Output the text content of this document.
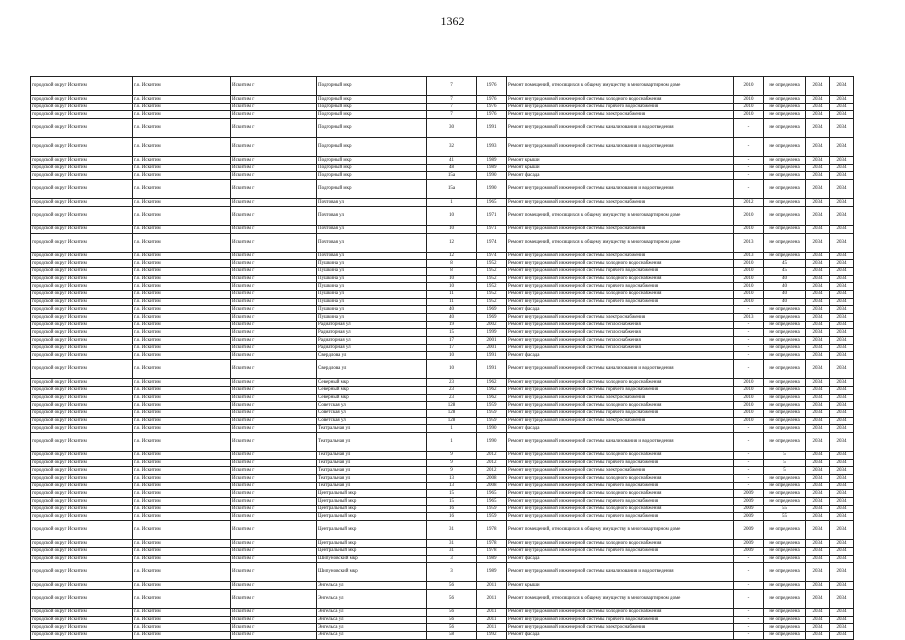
1362
городской округ Искитим	г.о. Искитим	Искитим г	Подгорный мкр	7	1976	Ремонт помещений, относящихся к общему имуществу в многоквартирном доме	2010	не определена	2034	2034
городской округ Искитим	г.о. Искитим	Искитим г	Подгорный мкр	7	1976	Ремонт внутридомовой инженерной системы холодного водоснабжения	2010	не определена	2034	2034
городской округ Искитим	г.о. Искитим	Искитим г	Подгорный мкр	7	1976	Ремонт внутридомовой инженерной системы горячего водоснабжения	2010	не определена	2034	2034
городской округ Искитим	г.о. Искитим	Искитим г	Подгорный мкр	7	1976	Ремонт внутридомовой инженерной системы электроснабжения	2010	не определена	2034	2034
городской округ Искитим	г.о. Искитим	Искитим г	Подгорный мкр	30	1991	Ремонт внутридомовой инженерной системы канализования и водоотведения	-	не определена	2034	2034
городской округ Искитим	г.о. Искитим	Искитим г	Подгорный мкр	32	1993	Ремонт внутридомовой инженерной системы канализования и водоотведения	-	не определена	2034	2034
городской округ Искитим	г.о. Искитим	Искитим г	Подгорный мкр	41	1989	Ремонт крыши	-	не определена	2034	2034
городской округ Искитим	г.о. Искитим	Искитим г	Подгорный мкр	48	1989	Ремонт крыши	-	не определена	2034	2034
городской округ Искитим	г.о. Искитим	Искитим г	Подгорный мкр	15а	1990	Ремонт фасада	-	не определена	2034	2034
городской округ Искитим	г.о. Искитим	Искитим г	Подгорный мкр	15а	1990	Ремонт внутридомовой инженерной системы канализования и водоотведения	-	не определена	2034	2034
городской округ Искитим	г.о. Искитим	Искитим г	Почтовая ул	1	1965	Ремонт внутридомовой инженерной системы электроснабжения	2012	не определена	2034	2034
городской округ Искитим	г.о. Искитим	Искитим г	Почтовая ул	10	1971	Ремонт помещений, относящихся к общему имуществу в многоквартирном доме	2010	не определена	2034	2034
городской округ Искитим	г.о. Искитим	Искитим г	Почтовая ул	10	1971	Ремонт внутридомовой инженерной системы электроснабжения	2010	не определена	2034	2034
городской округ Искитим	г.о. Искитим	Искитим г	Почтовая ул	12	1974	Ремонт помещений, относящихся к общему имуществу в многоквартирном доме	2013	не определена	2034	2034
городской округ Искитим	г.о. Искитим	Искитим г	Почтовая ул	12	1974	Ремонт внутридомовой инженерной системы электроснабжения	2013	не определена	2034	2034
городской округ Искитим	г.о. Искитим	Искитим г	Пушкина ул	8	1952	Ремонт внутридомовой инженерной системы холодного водоснабжения	2010	45	2034	2034
городской округ Искитим	г.о. Искитим	Искитим г	Пушкина ул	8	1952	Ремонт внутридомовой инженерной системы горячего водоснабжения	2010	45	2034	2034
городской округ Искитим	г.о. Искитим	Искитим г	Пушкина ул	10	1952	Ремонт внутридомовой инженерной системы холодного водоснабжения	2010	40	2034	2034
городской округ Искитим	г.о. Искитим	Искитим г	Пушкина ул	10	1952	Ремонт внутридомовой инженерной системы горячего водоснабжения	2010	40	2034	2034
городской округ Искитим	г.о. Искитим	Искитим г	Пушкина ул	11	1952	Ремонт внутридомовой инженерной системы холодного водоснабжения	2010	40	2034	2034
городской округ Искитим	г.о. Искитим	Искитим г	Пушкина ул	11	1952	Ремонт внутридомовой инженерной системы горячего водоснабжения	2010	40	2034	2034
городской округ Искитим	г.о. Искитим	Искитим г	Пушкина ул	40	1969	Ремонт фасада	-	не определена	2034	2034
городской округ Искитим	г.о. Искитим	Искитим г	Пушкина ул	40	1969	Ремонт внутридомовой инженерной системы электроснабжения	2013	не определена	2034	2034
городской округ Искитим	г.о. Искитим	Искитим г	Радиаторная ул	19	2002	Ремонт внутридомовой инженерной системы теплоснабжения	-	не определена	2034	2034
городской округ Искитим	г.о. Искитим	Искитим г	Радиаторная ул	15	1999	Ремонт внутридомовой инженерной системы теплоснабжения	-	не определена	2034	2034
городской округ Искитим	г.о. Искитим	Искитим г	Радиаторная ул	17	2001	Ремонт внутридомовой инженерной системы теплоснабжения	-	не определена	2034	2034
городской округ Искитим	г.о. Искитим	Искитим г	Радиаторная ул	17	2001	Ремонт внутридомовой инженерной системы теплоснабжения	-	не определена	2034	2034
городской округ Искитим	г.о. Искитим	Искитим г	Свердлова ул	10	1991	Ремонт фасада	-	не определена	2034	2034
городской округ Искитим	г.о. Искитим	Искитим г	Свердлова ул	10	1991	Ремонт внутридомовой инженерной системы канализования и водоотведения	-	не определена	2034	2034
городской округ Искитим	г.о. Искитим	Искитим г	Северный мкр	23	1962	Ремонт внутридомовой инженерной системы холодного водоснабжения	2010	не определена	2034	2034
городской округ Искитим	г.о. Искитим	Искитим г	Северный мкр	23	1962	Ремонт внутридомовой инженерной системы горячего водоснабжения	2010	не определена	2034	2034
городской округ Искитим	г.о. Искитим	Искитим г	Северный мкр	23	1962	Ремонт внутридомовой инженерной системы электроснабжения	2010	не определена	2034	2034
городской округ Искитим	г.о. Искитим	Искитим г	Советская ул	128	1959	Ремонт внутридомовой инженерной системы холодного водоснабжения	2010	не определена	2034	2034
городской округ Искитим	г.о. Искитим	Искитим г	Советская ул	128	1959	Ремонт внутридомовой инженерной системы горячего водоснабжения	2010	не определена	2034	2034
городской округ Искитим	г.о. Искитим	Искитим г	Советская ул	128	1959	Ремонт внутридомовой инженерной системы электроснабжения	2010	не определена	2034	2034
городской округ Искитим	г.о. Искитим	Искитим г	Театральная ул	1	1990	Ремонт фасада	-	не определена	2034	2034
городской округ Искитим	г.о. Искитим	Искитим г	Театральная ул	1	1990	Ремонт внутридомовой инженерной системы канализования и водоотведения	-	не определена	2034	2034
городской округ Искитим	г.о. Искитим	Искитим г	Театральная ул	9	2012	Ремонт внутридомовой инженерной системы холодного водоснабжения	-	5	2034	2034
городской округ Искитим	г.о. Искитим	Искитим г	Театральная ул	9	2012	Ремонт внутридомовой инженерной системы горячего водоснабжения	-	5	2034	2034
городской округ Искитим	г.о. Искитим	Искитим г	Театральная ул	9	2012	Ремонт внутридомовой инженерной системы электроснабжения	-	5	2034	2034
городской округ Искитим	г.о. Искитим	Искитим г	Театральная ул	13	2008	Ремонт внутридомовой инженерной системы холодного водоснабжения	-	не определена	2034	2034
городской округ Искитим	г.о. Искитим	Искитим г	Театральная ул	13	2008	Ремонт внутридомовой инженерной системы горячего водоснабжения	-	не определена	2034	2034
городской округ Искитим	г.о. Искитим	Искитим г	Центральный мкр	15	1965	Ремонт внутридомовой инженерной системы холодного водоснабжения	2009	не определена	2034	2034
городской округ Искитим	г.о. Искитим	Искитим г	Центральный мкр	15	1965	Ремонт внутридомовой инженерной системы горячего водоснабжения	2009	не определена	2034	2034
городской округ Искитим	г.о. Искитим	Искитим г	Центральный мкр	16	1959	Ремонт внутридомовой инженерной системы холодного водоснабжения	2009	55	2034	2034
городской округ Искитим	г.о. Искитим	Искитим г	Центральный мкр	16	1959	Ремонт внутридомовой инженерной системы горячего водоснабжения	2009	55	2034	2034
городской округ Искитим	г.о. Искитим	Искитим г	Центральный мкр	31	1978	Ремонт помещений, относящихся к общему имуществу в многоквартирном доме	2009	не определена	2034	2034
городской округ Искитим	г.о. Искитим	Искитим г	Центральный мкр	31	1978	Ремонт внутридомовой инженерной системы холодного водоснабжения	2009	не определена	2034	2034
городской округ Искитим	г.о. Искитим	Искитим г	Центральный мкр	31	1978	Ремонт внутридомовой инженерной системы горячего водоснабжения	2009	не определена	2034	2034
городской округ Искитим	г.о. Искитим	Искитим г	Шипуновский мкр	3	1989	Ремонт фасада	-	не определена	2034	2034
городской округ Искитим	г.о. Искитим	Искитим г	Шипуновский мкр	3	1989	Ремонт внутридомовой инженерной системы канализования и водоотведения	-	не определена	2034	2034
городской округ Искитим	г.о. Искитим	Искитим г	Энгельса ул	56	2011	Ремонт крыши	-	не определена	2034	2034
городской округ Искитим	г.о. Искитим	Искитим г	Энгельса ул	56	2011	Ремонт помещений, относящихся к общему имуществу в многоквартирном доме	-	не определена	2034	2034
городской округ Искитим	г.о. Искитим	Искитим г	Энгельса ул	56	2011	Ремонт внутридомовой инженерной системы холодного водоснабжения	-	не определена	2034	2034
городской округ Искитим	г.о. Искитим	Искитим г	Энгельса ул	56	2011	Ремонт внутридомовой инженерной системы горячего водоснабжения	-	не определена	2034	2034
городской округ Искитим	г.о. Искитим	Искитим г	Энгельса ул	56	2011	Ремонт внутридомовой инженерной системы электроснабжения	-	не определена	2034	2034
городской округ Искитим	г.о. Искитим	Искитим г	Энгельса ул	58	1992	Ремонт фасада	-	не определена	2034	2034
